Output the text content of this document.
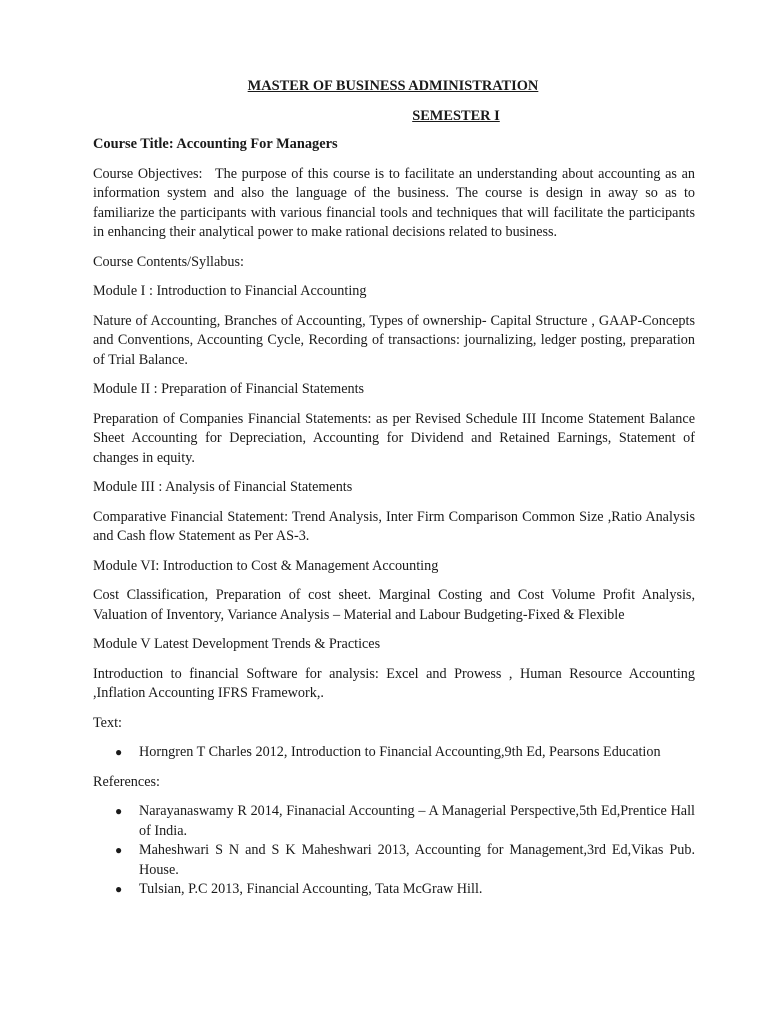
MASTER OF BUSINESS ADMINISTRATION

SEMESTER I

Course Title: Accounting For Managers

Course Objectives: The purpose of this course is to facilitate an understanding about accounting as an information system and also the language of the business. The course is design in away so as to familiarize the participants with various financial tools and techniques that will facilitate the participants in enhancing their analytical power to make rational decisions related to business.

Course Contents/Syllabus:

Module I : Introduction to Financial Accounting

Nature of Accounting, Branches of Accounting, Types of ownership- Capital Structure , GAAP-Concepts and Conventions, Accounting Cycle, Recording of transactions: journalizing, ledger posting, preparation of Trial Balance.

Module II : Preparation of Financial Statements

Preparation of Companies Financial Statements: as per Revised Schedule III Income Statement Balance Sheet Accounting for Depreciation, Accounting for Dividend and Retained Earnings, Statement of changes in equity.

Module III : Analysis of Financial Statements

Comparative Financial Statement: Trend Analysis, Inter Firm Comparison Common Size ,Ratio Analysis and Cash flow Statement as Per AS-3.

Module VI: Introduction to Cost & Management Accounting

Cost Classification, Preparation of cost sheet. Marginal Costing and Cost Volume Profit Analysis, Valuation of Inventory, Variance Analysis – Material and Labour Budgeting-Fixed & Flexible

Module V Latest Development Trends & Practices

Introduction to financial Software for analysis: Excel and Prowess , Human Resource Accounting ,Inflation Accounting IFRS Framework,.

Text:

● Horngren T Charles 2012, Introduction to Financial Accounting,9th Ed, Pearsons Education

References:

● Narayanaswamy R 2014, Finanacial Accounting – A Managerial Perspective,5th Ed,Prentice Hall of India.
● Maheshwari S N and S K Maheshwari 2013, Accounting for Management,3rd Ed,Vikas Pub. House.
● Tulsian, P.C 2013, Financial Accounting, Tata McGraw Hill.
